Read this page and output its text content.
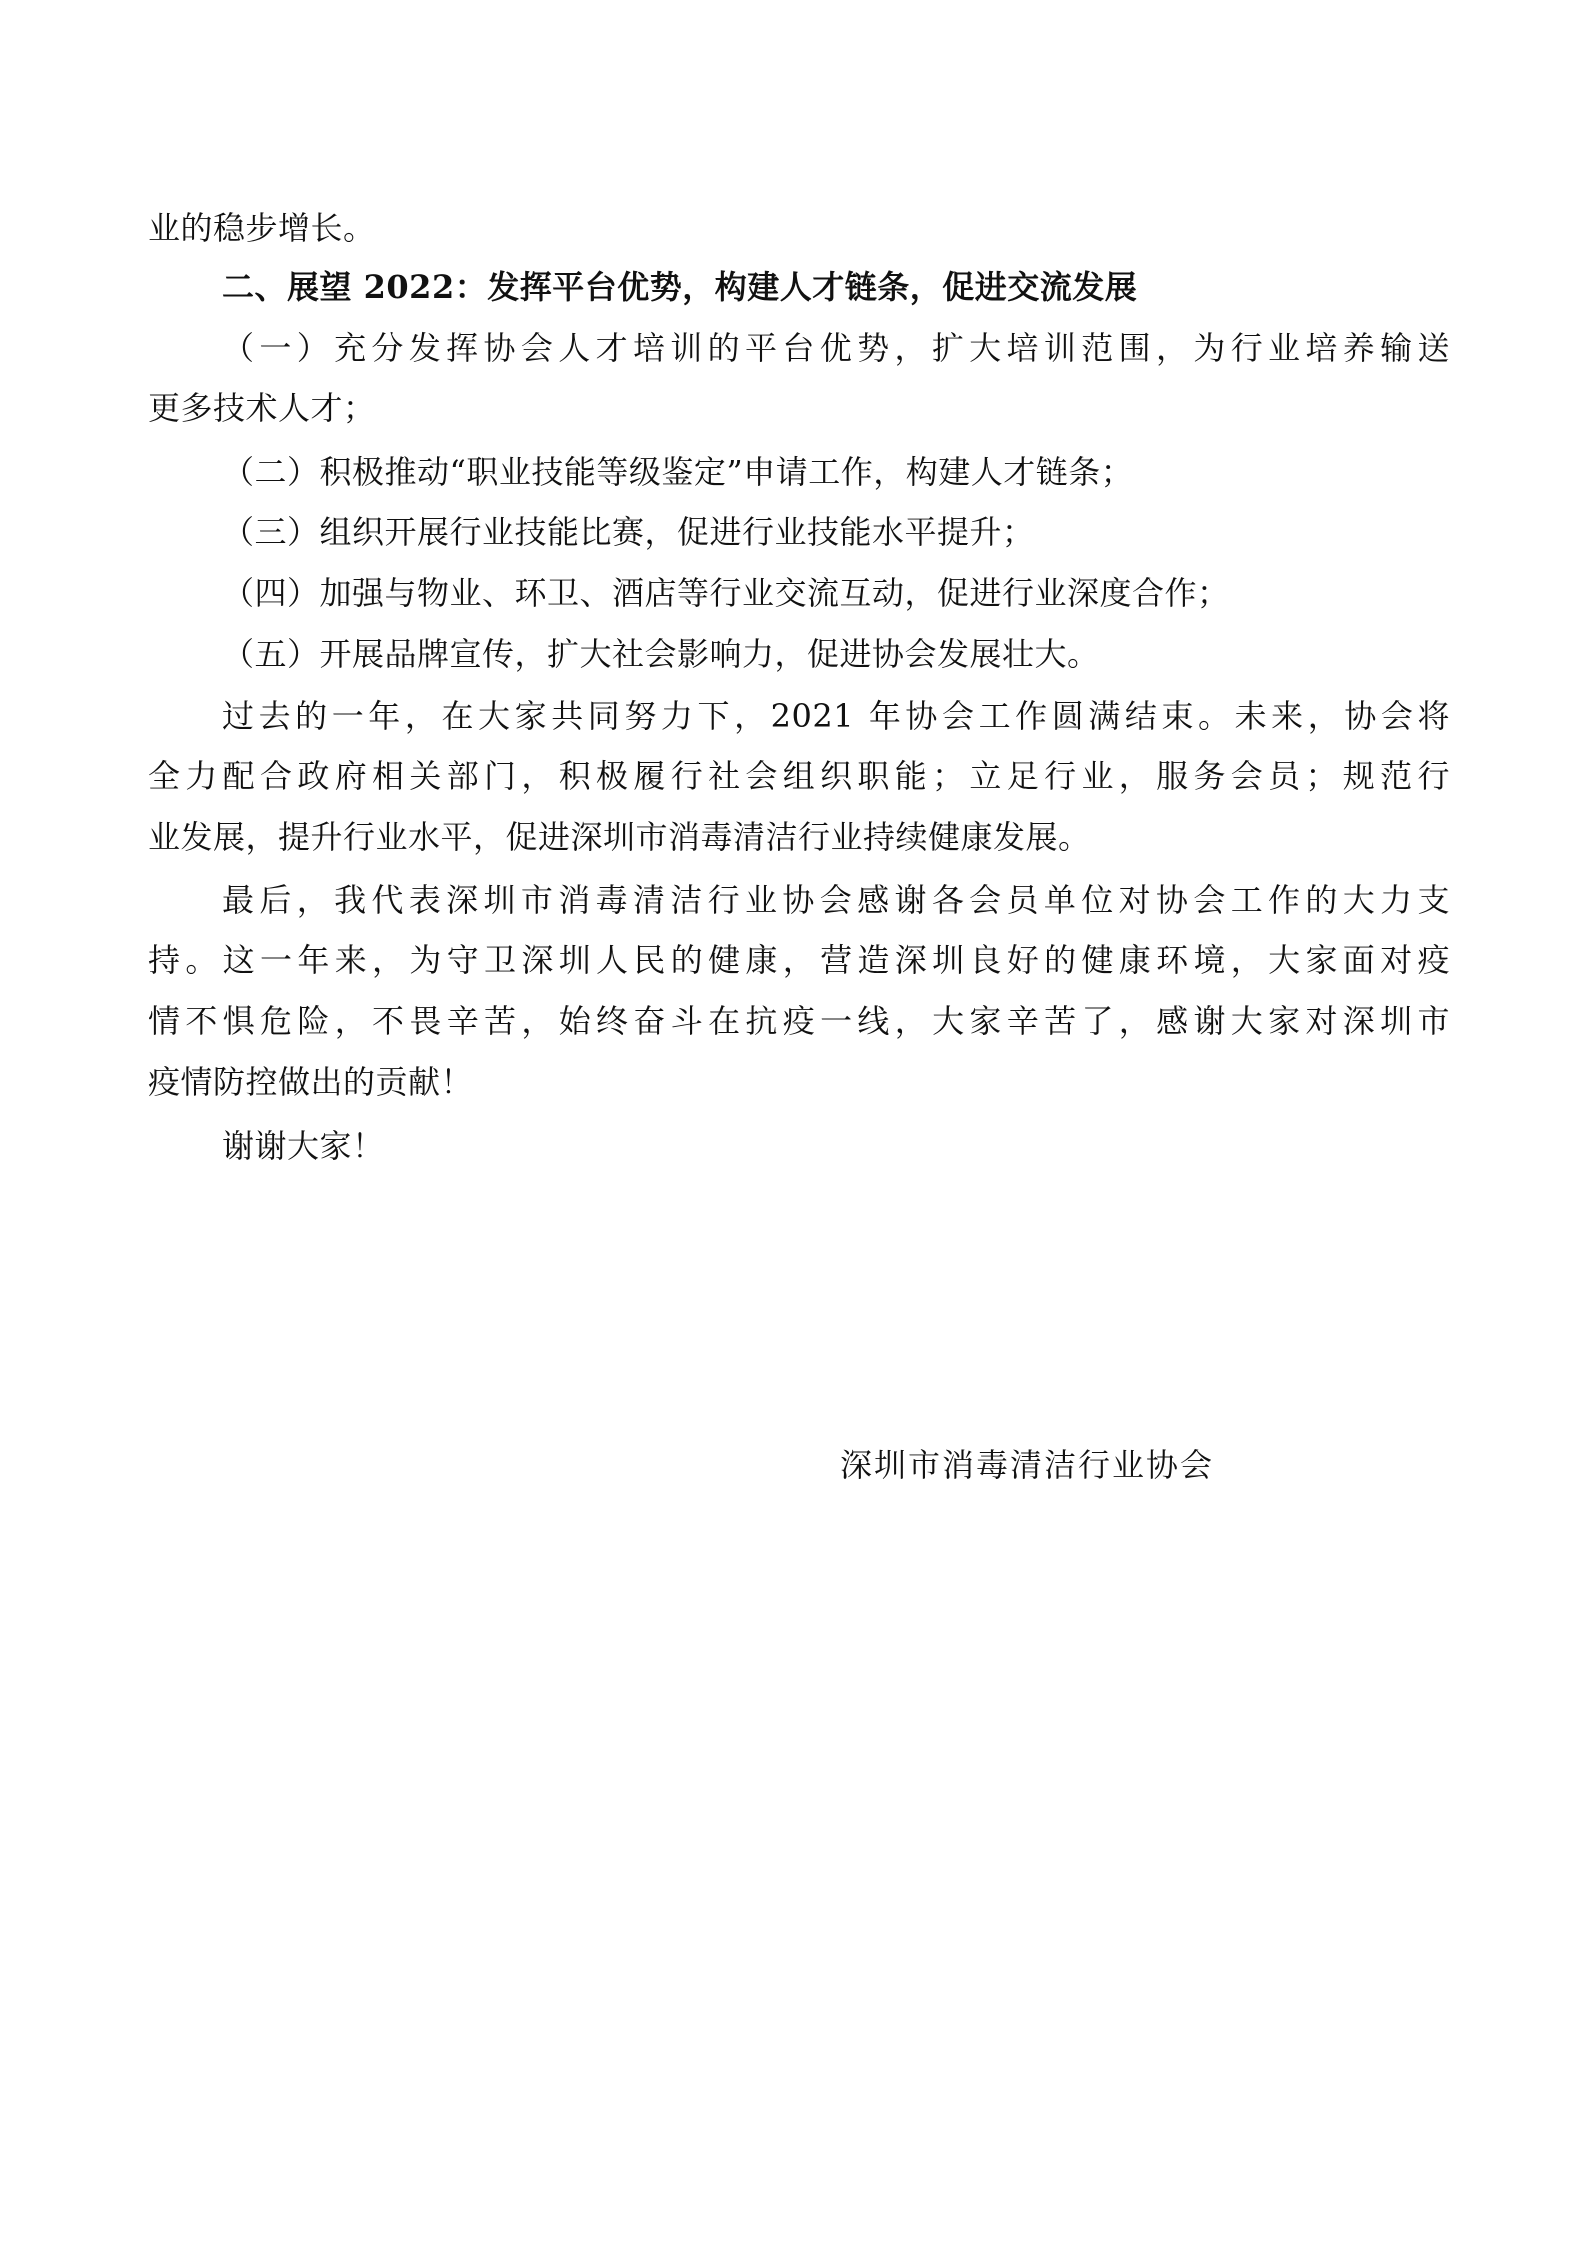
业的稳步增长。
二、展望 2022：发挥平台优势，构建人才链条，促进交流发展
（一）充分发挥协会人才培训的平台优势，扩大培训范围，为行业培养输送
更多技术人才；
（二）积极推动“职业技能等级鉴定”申请工作，构建人才链条；
（三）组织开展行业技能比赛，促进行业技能水平提升；
（四）加强与物业、环卫、酒店等行业交流互动，促进行业深度合作；
（五）开展品牌宣传，扩大社会影响力，促进协会发展壮大。
过去的一年，在大家共同努力下，2021 年协会工作圆满结束。未来，协会将
全力配合政府相关部门，积极履行社会组织职能；立足行业，服务会员；规范行
业发展，提升行业水平，促进深圳市消毒清洁行业持续健康发展。
最后，我代表深圳市消毒清洁行业协会感谢各会员单位对协会工作的大力支
持。这一年来，为守卫深圳人民的健康，营造深圳良好的健康环境，大家面对疫
情不惧危险，不畏辛苦，始终奋斗在抗疫一线，大家辛苦了，感谢大家对深圳市
疫情防控做出的贡献！
谢谢大家！
深圳市消毒清洁行业协会
